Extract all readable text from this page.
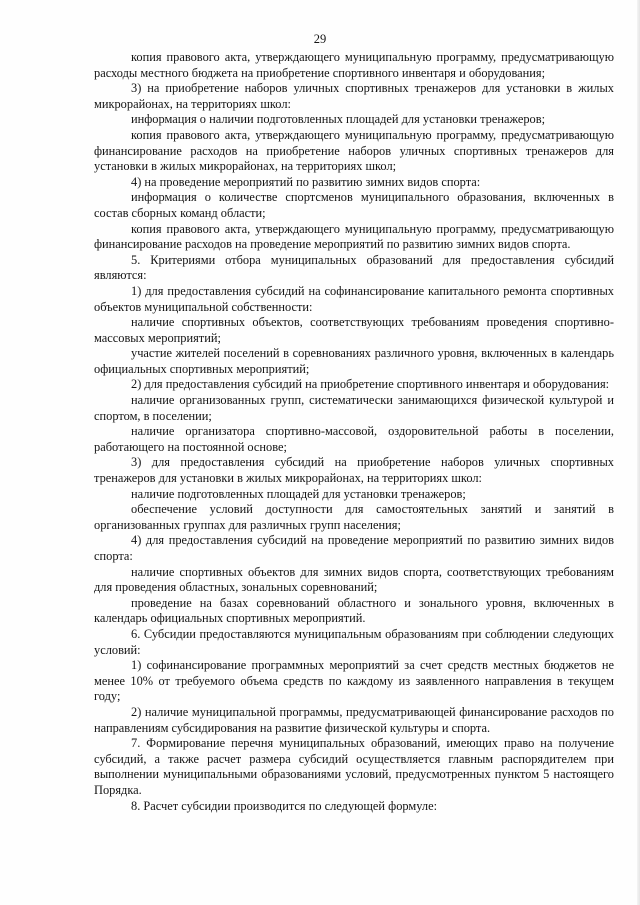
29

копия правового акта, утверждающего муниципальную программу, предусматривающую расходы местного бюджета на приобретение спортивного инвентаря и оборудования;

3) на приобретение наборов уличных спортивных тренажеров для установки в жилых микрорайонах, на территориях школ:

информация о наличии подготовленных площадей для установки тренажеров;

копия правового акта, утверждающего муниципальную программу, предусматривающую финансирование расходов на приобретение наборов уличных спортивных тренажеров для установки в жилых микрорайонах, на территориях школ;

4) на проведение мероприятий по развитию зимних видов спорта:

информация о количестве спортсменов муниципального образования, включенных в состав сборных команд области;

копия правового акта, утверждающего муниципальную программу, предусматривающую финансирование расходов на проведение мероприятий по развитию зимних видов спорта.

5. Критериями отбора муниципальных образований для предоставления субсидий являются:

1) для предоставления субсидий на софинансирование капитального ремонта спортивных объектов муниципальной собственности:

наличие спортивных объектов, соответствующих требованиям проведения спортивно-массовых мероприятий;

участие жителей поселений в соревнованиях различного уровня, включенных в календарь официальных спортивных мероприятий;

2) для предоставления субсидий на приобретение спортивного инвентаря и оборудования:

наличие организованных групп, систематически занимающихся физической культурой и спортом, в поселении;

наличие организатора спортивно-массовой, оздоровительной работы в поселении, работающего на постоянной основе;

3) для предоставления субсидий на приобретение наборов уличных спортивных тренажеров для установки в жилых микрорайонах, на территориях школ:

наличие подготовленных площадей для установки тренажеров;

обеспечение условий доступности для самостоятельных занятий и занятий в организованных группах для различных групп населения;

4) для предоставления субсидий на проведение мероприятий по развитию зимних видов спорта:

наличие спортивных объектов для зимних видов спорта, соответствующих требованиям для проведения областных, зональных соревнований;

проведение на базах соревнований областного и зонального уровня, включенных в календарь официальных спортивных мероприятий.

6. Субсидии предоставляются муниципальным образованиям при соблюдении следующих условий:

1) софинансирование программных мероприятий за счет средств местных бюджетов не менее 10% от требуемого объема средств по каждому из заявленного направления в текущем году;

2) наличие муниципальной программы, предусматривающей финансирование расходов по направлениям субсидирования на развитие физической культуры и спорта.

7. Формирование перечня муниципальных образований, имеющих право на получение субсидий, а также расчет размера субсидий осуществляется главным распорядителем при выполнении муниципальными образованиями условий, предусмотренных пунктом 5 настоящего Порядка.

8. Расчет субсидии производится по следующей формуле:
